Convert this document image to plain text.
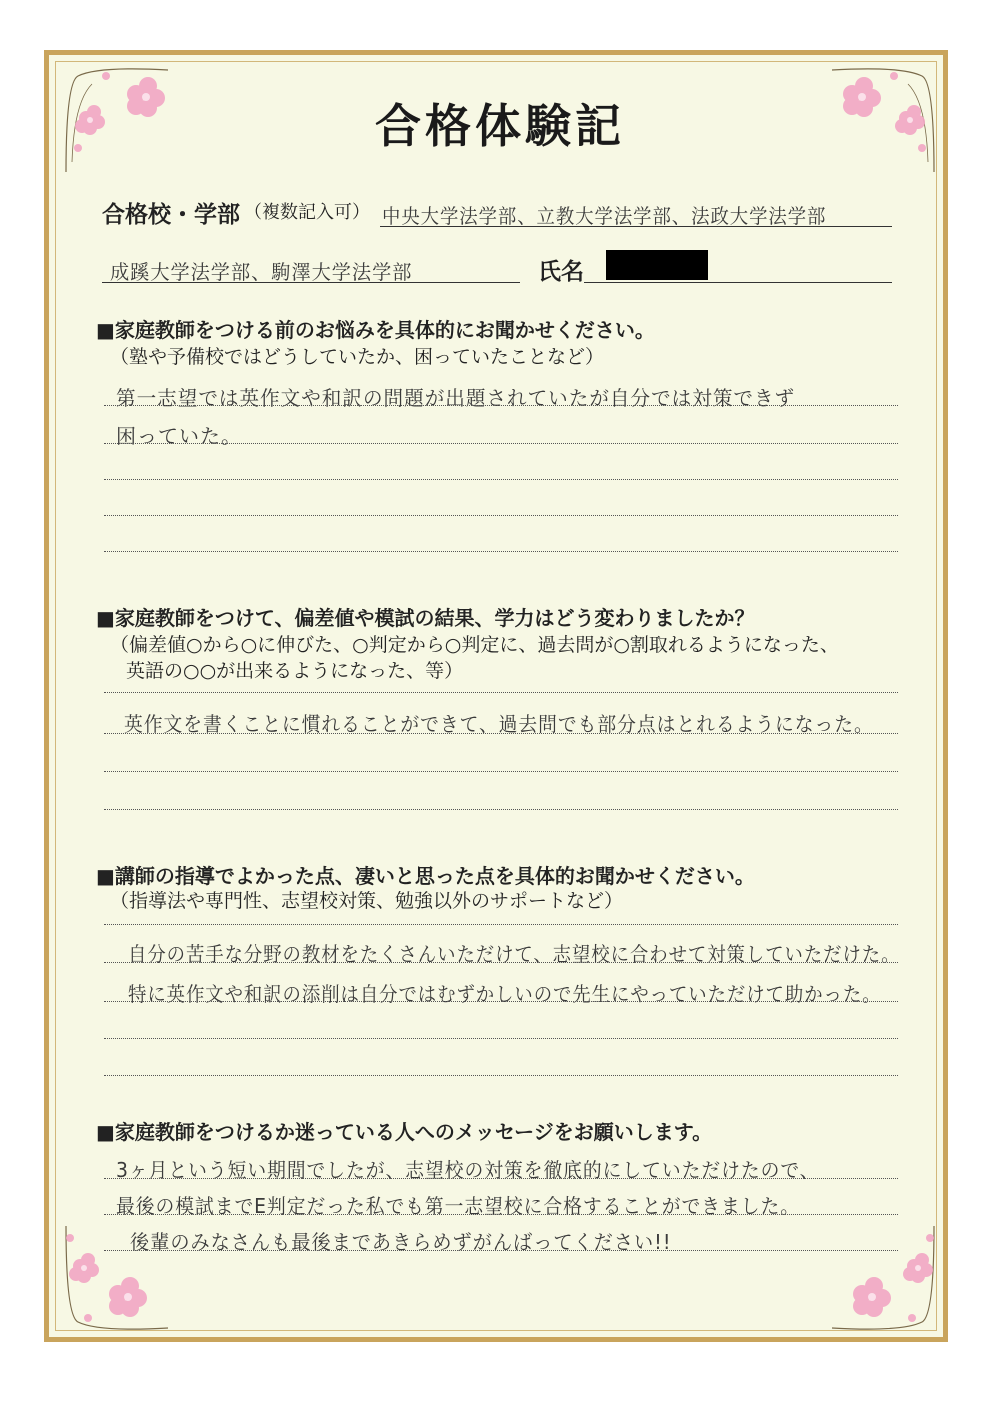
合格体験記
合格校・学部 （複数記入可） 中央大学法学部、立教大学法学部、法政大学法学部
成蹊大学法学部、駒澤大学法学部	氏名
■家庭教師をつける前のお悩みを具体的にお聞かせください。
（塾や予備校ではどうしていたか、困っていたことなど）
第一志望では英作文や和訳の問題が出題されていたが自分では対策できず
困っていた。
■家庭教師をつけて、偏差値や模試の結果、学力はどう変わりましたか？
（偏差値○から○に伸びた、○判定から○判定に、過去問が○割取れるようになった、
英語の○○が出来るようになった、等）
英作文を書くことに慣れることができて、過去問でも部分点はとれるようになった。
■講師の指導でよかった点、凄いと思った点を具体的お聞かせください。
（指導法や専門性、志望校対策、勉強以外のサポートなど）
自分の苦手な分野の教材をたくさんいただけて、志望校に合わせて対策していただけた。
特に英作文や和訳の添削は自分ではむずかしいので先生にやっていただけて助かった。
■家庭教師をつけるか迷っている人へのメッセージをお願いします。
3ヶ月という短い期間でしたが、志望校の対策を徹底的にしていただけたので、
最後の模試までE判定だった私でも第一志望校に合格することができました。
後輩のみなさんも最後まであきらめずがんばってください!!
